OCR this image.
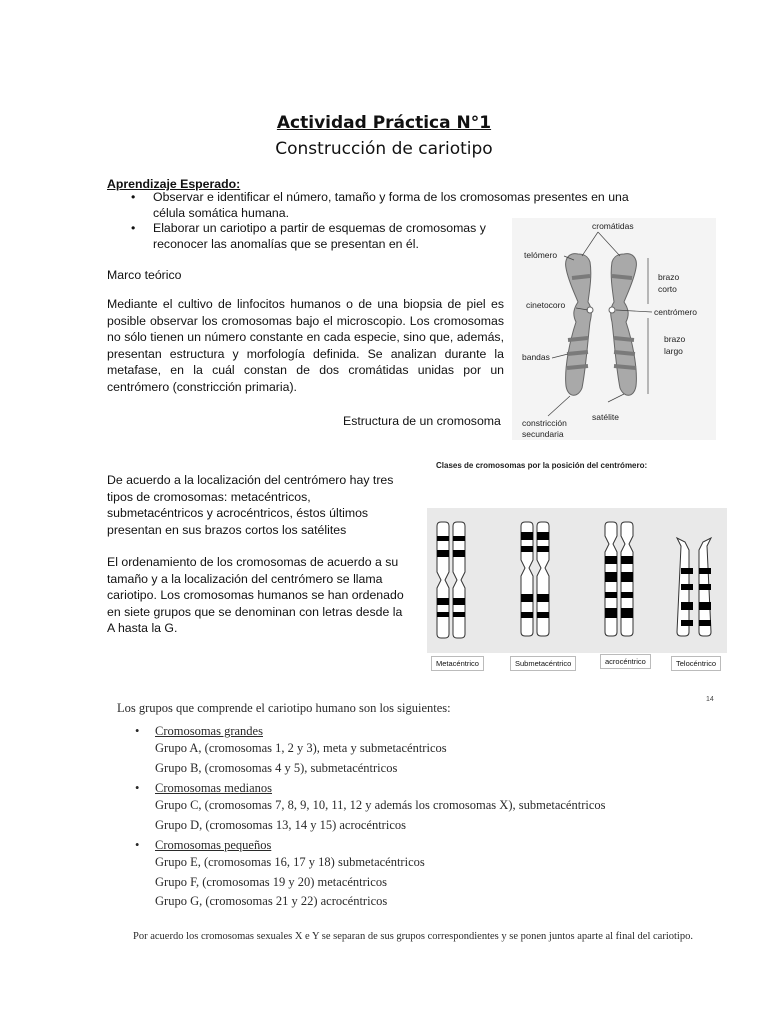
Actividad Práctica N°1
Construcción de cariotipo
Aprendizaje Esperado:
• Observar e identificar el número, tamaño y forma de los cromosomas presentes en una célula somática humana.
• Elaborar un cariotipo a partir de esquemas de cromosomas y reconocer las anomalías que se presentan en él.
Marco teórico
Mediante el cultivo de linfocitos humanos o de una biopsia de piel es posible observar los cromosomas bajo el microscopio. Los cromosomas no sólo tienen un número constante en cada especie, sino que, además, presentan estructura y morfología definida. Se analizan durante la metafase, en la cuál constan de dos cromátidas unidas por un centrómero (constricción primaria).
Estructura de un cromosoma
cromátidas
telómero
brazo
corto
cinetocoro
centrómero
brazo
largo
bandas
satélite
constricción
secundaria
De acuerdo a la localización del centrómero hay tres tipos de cromosomas: metacéntricos, submetacéntricos y acrocéntricos, éstos últimos presentan en sus brazos cortos los satélites
El ordenamiento de los cromosomas de acuerdo a su tamaño y a la localización del centrómero se llama cariotipo. Los cromosomas humanos se han ordenado en siete grupos que se denominan con letras desde la A hasta la G.
Clases de cromosomas por la posición del centrómero:
Metacéntrico	Submetacéntrico	acrocéntrico	Telocéntrico
14
Los grupos que comprende el cariotipo humano son los siguientes:
• Cromosomas grandes
Grupo A, (cromosomas 1, 2 y 3), meta y submetacéntricos
Grupo B, (cromosomas 4 y 5), submetacéntricos
• Cromosomas medianos
Grupo C, (cromosomas 7, 8, 9, 10, 11, 12 y además los cromosomas X), submetacéntricos
Grupo D, (cromosomas 13, 14 y 15) acrocéntricos
• Cromosomas pequeños
Grupo E, (cromosomas 16, 17 y 18) submetacéntricos
Grupo F, (cromosomas 19 y 20) metacéntricos
Grupo G, (cromosomas 21 y 22) acrocéntricos
Por acuerdo los cromosomas sexuales X e Y se separan de sus grupos correspondientes y se ponen juntos aparte al final del cariotipo.
